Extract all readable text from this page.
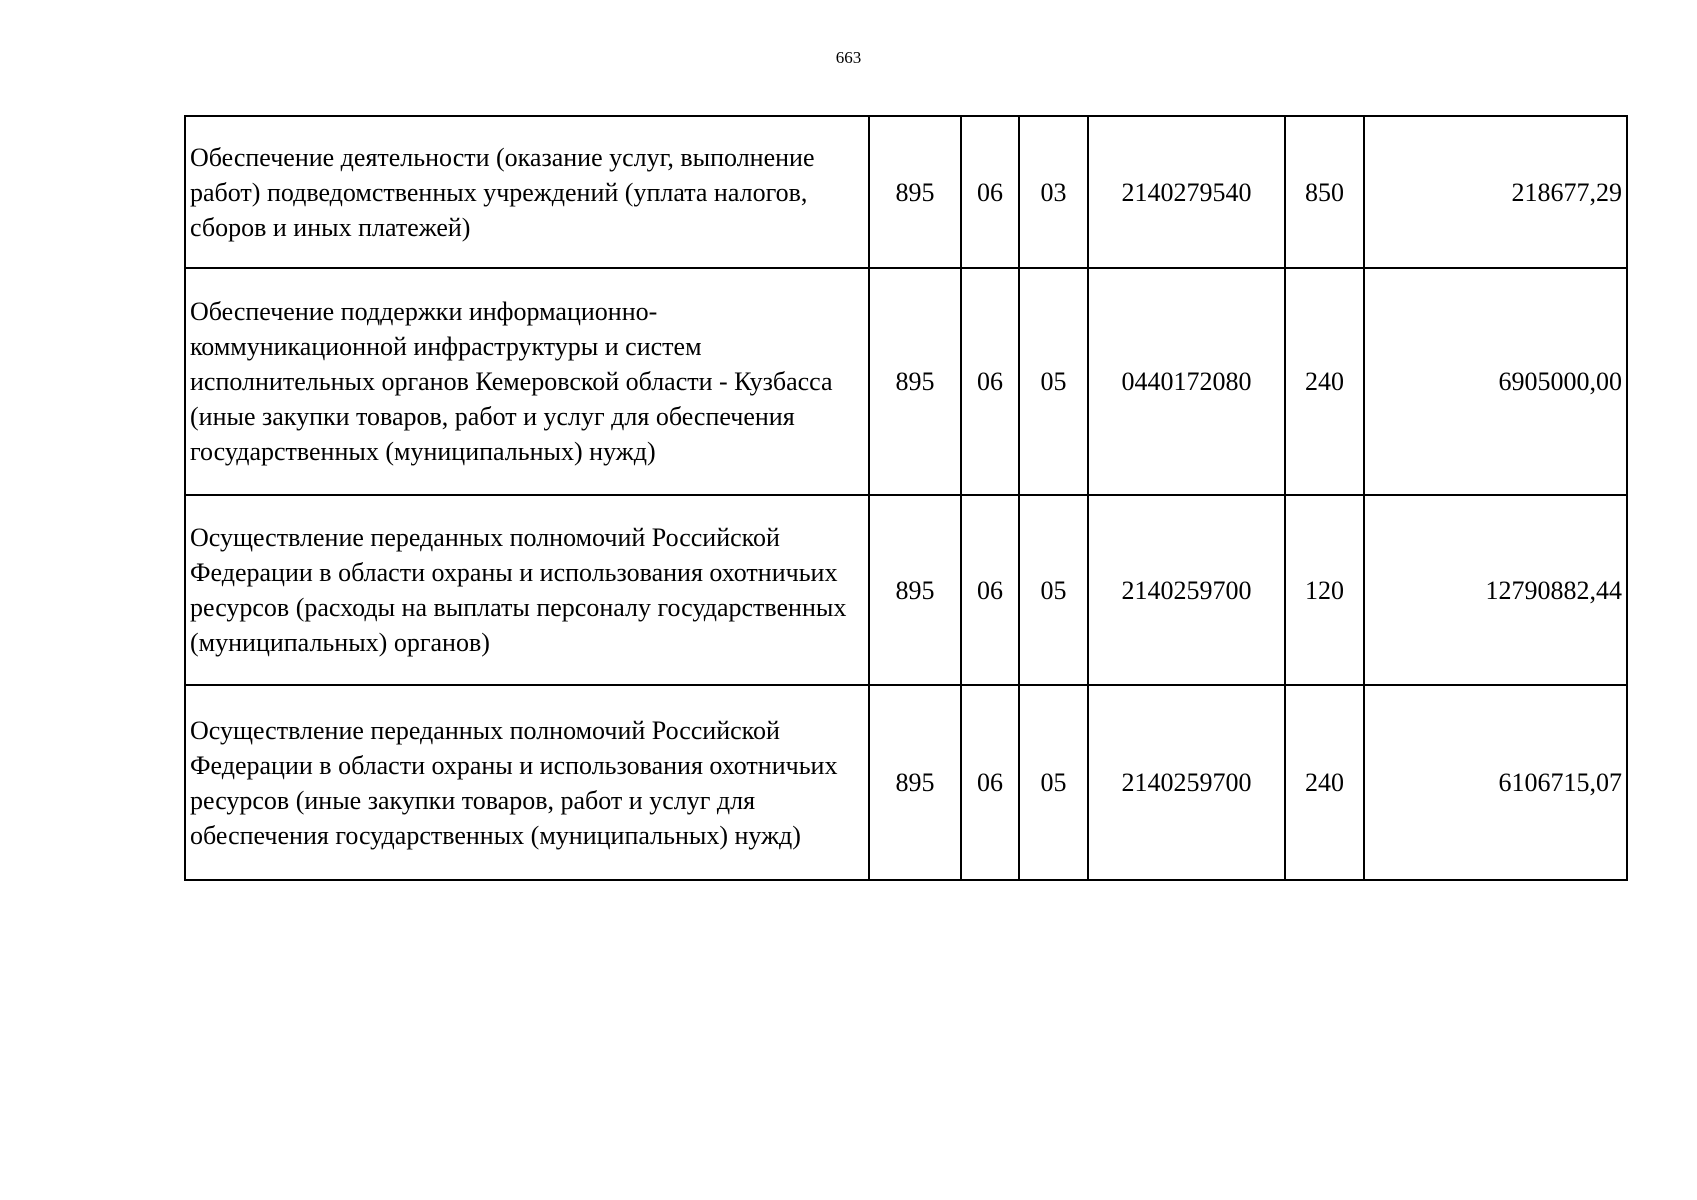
663
Обеспечение деятельности (оказание услуг, выполнение работ) подведомственных учреждений (уплата налогов, сборов и иных платежей)	895	06	03	2140279540	850	218677,29
Обеспечение поддержки информационно-коммуникационной инфраструктуры и систем исполнительных органов Кемеровской области - Кузбасса (иные закупки товаров, работ и услуг для обеспечения государственных (муниципальных) нужд)	895	06	05	0440172080	240	6905000,00
Осуществление переданных полномочий Российской Федерации в области охраны и использования охотничьих ресурсов (расходы на выплаты персоналу государственных (муниципальных) органов)	895	06	05	2140259700	120	12790882,44
Осуществление переданных полномочий Российской Федерации в области охраны и использования охотничьих ресурсов (иные закупки товаров, работ и услуг для обеспечения государственных (муниципальных) нужд)	895	06	05	2140259700	240	6106715,07
